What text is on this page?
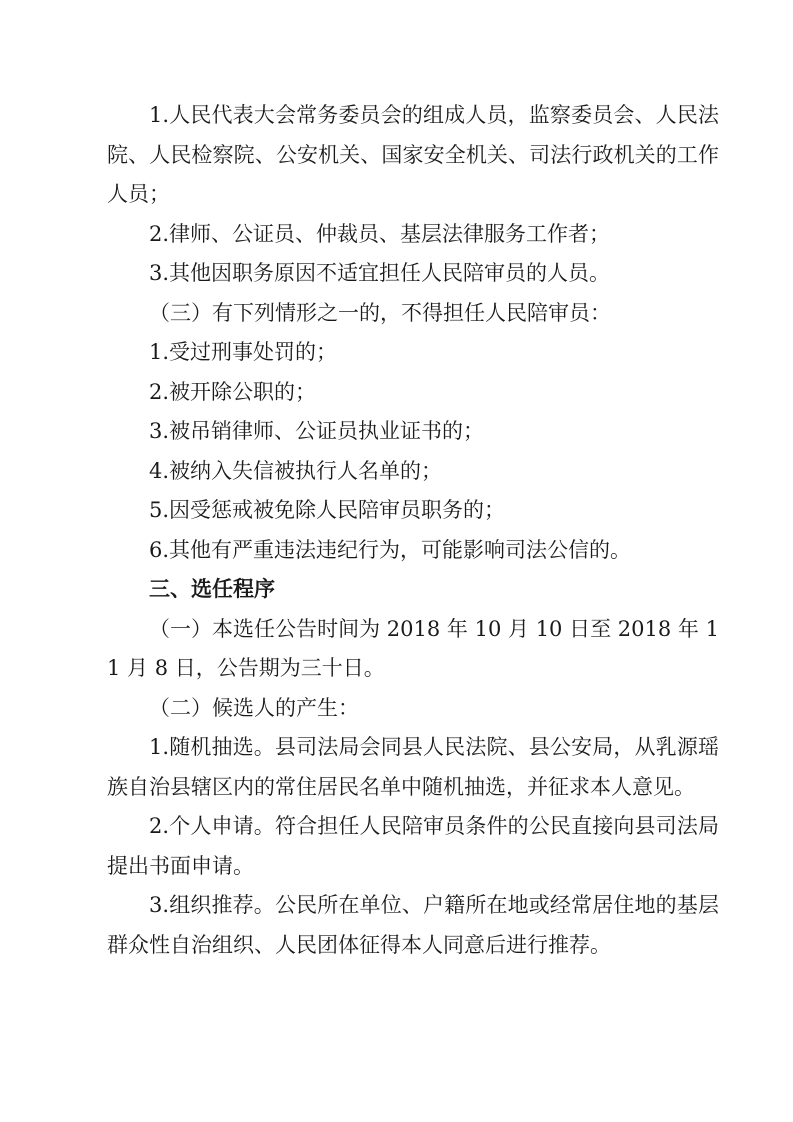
1.人民代表大会常务委员会的组成人员，监察委员会、人民法院、人民检察院、公安机关、国家安全机关、司法行政机关的工作人员；

2.律师、公证员、仲裁员、基层法律服务工作者；

3.其他因职务原因不适宜担任人民陪审员的人员。

（三）有下列情形之一的，不得担任人民陪审员：

1.受过刑事处罚的；

2.被开除公职的；

3.被吊销律师、公证员执业证书的；

4.被纳入失信被执行人名单的；

5.因受惩戒被免除人民陪审员职务的；

6.其他有严重违法违纪行为，可能影响司法公信的。

三、选任程序

（一）本选任公告时间为 2018 年 10 月 10 日至 2018 年 11 月 8 日，公告期为三十日。

（二）候选人的产生：

1.随机抽选。县司法局会同县人民法院、县公安局，从乳源瑶族自治县辖区内的常住居民名单中随机抽选，并征求本人意见。

2.个人申请。符合担任人民陪审员条件的公民直接向县司法局提出书面申请。

3.组织推荐。公民所在单位、户籍所在地或经常居住地的基层群众性自治组织、人民团体征得本人同意后进行推荐。
